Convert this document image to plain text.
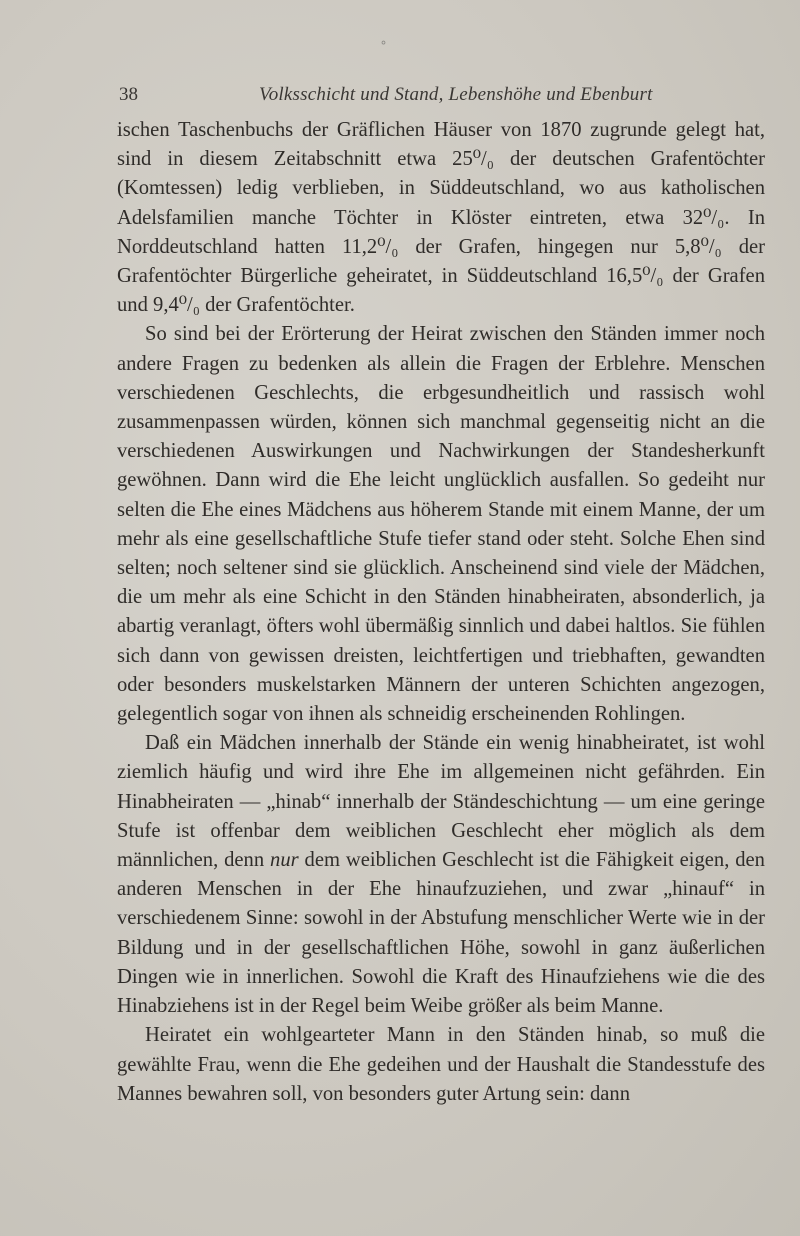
˚
38	Volksschicht und Stand, Lebenshöhe und Ebenburt

ischen Taschenbuchs der Gräflichen Häuser von 1870 zugrunde gelegt hat, sind in diesem Zeitabschnitt etwa 25⁰/₀ der deutschen Grafentöchter (Komtessen) ledig verblieben, in Süddeutschland, wo aus katholischen Adelsfamilien manche Töchter in Klöster eintreten, etwa 32⁰/₀. In Norddeutschland hatten 11,2⁰/₀ der Grafen, hingegen nur 5,8⁰/₀ der Grafentöchter Bürgerliche geheiratet, in Süddeutschland 16,5⁰/₀ der Grafen und 9,4⁰/₀ der Grafentöchter.

So sind bei der Erörterung der Heirat zwischen den Ständen immer noch andere Fragen zu bedenken als allein die Fragen der Erblehre. Menschen verschiedenen Geschlechts, die erbgesundheitlich und rassisch wohl zusammenpassen würden, können sich manchmal gegenseitig nicht an die verschiedenen Auswirkungen und Nachwirkungen der Standesherkunft gewöhnen. Dann wird die Ehe leicht unglücklich ausfallen. So gedeiht nur selten die Ehe eines Mädchens aus höherem Stande mit einem Manne, der um mehr als eine gesellschaftliche Stufe tiefer stand oder steht. Solche Ehen sind selten; noch seltener sind sie glücklich. Anscheinend sind viele der Mädchen, die um mehr als eine Schicht in den Ständen hinabheiraten, absonderlich, ja abartig veranlagt, öfters wohl übermäßig sinnlich und dabei haltlos. Sie fühlen sich dann von gewissen dreisten, leichtfertigen und triebhaften, gewandten oder besonders muskelstarken Männern der unteren Schichten angezogen, gelegentlich sogar von ihnen als schneidig erscheinenden Rohlingen.

Daß ein Mädchen innerhalb der Stände ein wenig hinabheiratet, ist wohl ziemlich häufig und wird ihre Ehe im allgemeinen nicht gefährden. Ein Hinabheiraten — „hinab“ innerhalb der Ständeschichtung — um eine geringe Stufe ist offenbar dem weiblichen Geschlecht eher möglich als dem männlichen, denn nur dem weiblichen Geschlecht ist die Fähigkeit eigen, den anderen Menschen in der Ehe hinaufzuziehen, und zwar „hinauf“ in verschiedenem Sinne: sowohl in der Abstufung menschlicher Werte wie in der Bildung und in der gesellschaftlichen Höhe, sowohl in ganz äußerlichen Dingen wie in innerlichen. Sowohl die Kraft des Hinaufziehens wie die des Hinabziehens ist in der Regel beim Weibe größer als beim Manne.

Heiratet ein wohlgearteter Mann in den Ständen hinab, so muß die gewählte Frau, wenn die Ehe gedeihen und der Haushalt die Standesstufe des Mannes bewahren soll, von besonders guter Artung sein: dann
